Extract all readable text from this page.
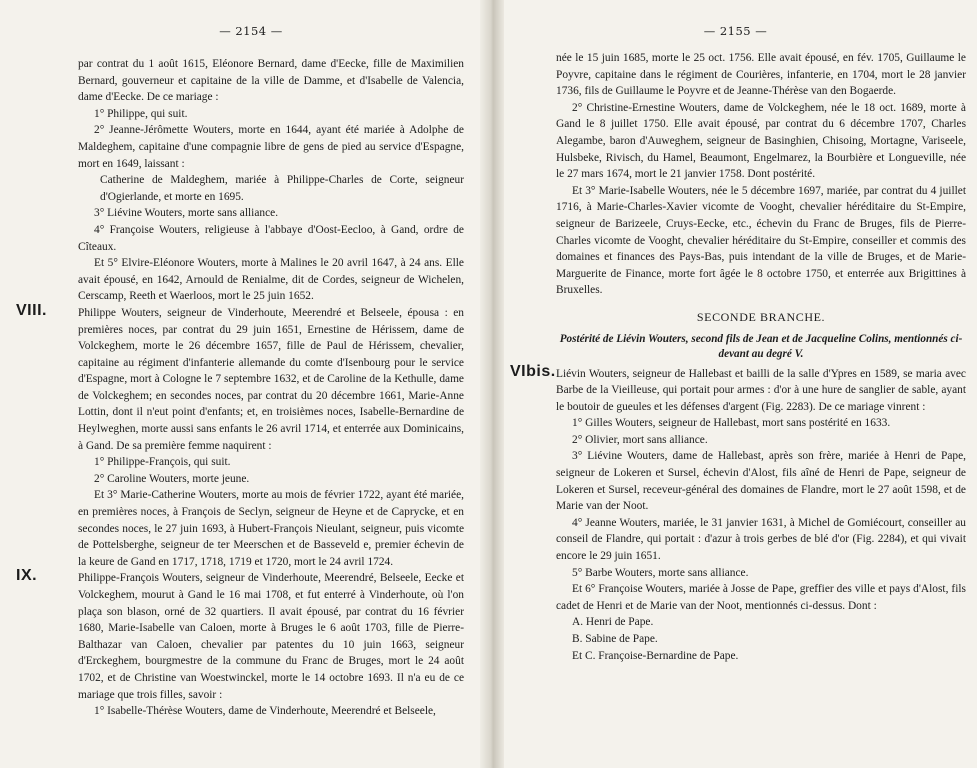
— 2154 —

par contrat du 1 août 1615, Eléonore Bernard, dame d'Eecke, fille de Maximilien Bernard, gouverneur et capitaine de la ville de Damme, et d'Isabelle de Valencia, dame d'Eecke. De ce mariage :

1° Philippe, qui suit.

2° Jeanne-Jérômette Wouters, morte en 1644, ayant été mariée à Adolphe de Maldeghem, capitaine d'une compagnie libre de gens de pied au service d'Espagne, mort en 1649, laissant :

Catherine de Maldeghem, mariée à Philippe-Charles de Corte, seigneur d'Ogierlande, et morte en 1695.

3° Liévine Wouters, morte sans alliance.

4° Françoise Wouters, religieuse à l'abbaye d'Oost-Eecloo, à Gand, ordre de Cîteaux.

Et 5° Elvire-Eléonore Wouters, morte à Malines le 20 avril 1647, à 24 ans. Elle avait épousé, en 1642, Arnould de Renialme, dit de Cordes, seigneur de Wichelen, Cerscamp, Reeth et Waerloos, mort le 25 juin 1652.

VIII.	Philippe Wouters, seigneur de Vinderhoute, Meerendré et Belseele, épousa : en premières noces, par contrat du 29 juin 1651, Ernestine de Hérissem, dame de Volckeghem, morte le 26 décembre 1657, fille de Paul de Hérissem, chevalier, capitaine au régiment d'infanterie allemande du comte d'Isenbourg pour le service d'Espagne, mort à Cologne le 7 septembre 1632, et de Caroline de la Kethulle, dame de Volckeghem; en secondes noces, par contrat du 20 décembre 1661, Marie-Anne Lottin, dont il n'eut point d'enfants; et, en troisièmes noces, Isabelle-Bernardine de Heylweghen, morte aussi sans enfants le 26 avril 1714, et enterrée aux Dominicains, à Gand. De sa première femme naquirent :

1° Philippe-François, qui suit.

2° Caroline Wouters, morte jeune.

Et 3° Marie-Catherine Wouters, morte au mois de février 1722, ayant été mariée, en premières noces, à François de Seclyn, seigneur de Heyne et de Caprycke, et en secondes noces, le 27 juin 1693, à Hubert-François Nieulant, seigneur, puis vicomte de Pottelsberghe, seigneur de ter Meerschen et de Basseveld e, premier échevin de la keure de Gand en 1717, 1718, 1719 et 1720, mort le 24 avril 1724.

IX.	Philippe-François Wouters, seigneur de Vinderhoute, Meerendré, Belseele, Eecke et Volckeghem, mourut à Gand le 16 mai 1708, et fut enterré à Vinderhoute, où l'on plaça son blason, orné de 32 quartiers. Il avait épousé, par contrat du 16 février 1680, Marie-Isabelle van Caloen, morte à Bruges le 6 août 1703, fille de Pierre-Balthazar van Caloen, chevalier par patentes du 10 juin 1663, seigneur d'Erckeghem, bourgmestre de la commune du Franc de Bruges, mort le 24 août 1702, et de Christine van Woestwinckel, morte le 14 octobre 1693. Il n'a eu de ce mariage que trois filles, savoir :

1° Isabelle-Thérèse Wouters, dame de Vinderhoute, Meerendré et Belseele,

— 2155 —

née le 15 juin 1685, morte le 25 oct. 1756. Elle avait épousé, en fév. 1705, Guillaume le Poyvre, capitaine dans le régiment de Courières, infanterie, en 1704, mort le 28 janvier 1736, fils de Guillaume le Poyvre et de Jeanne-Thérèse van den Bogaerde.

2° Christine-Ernestine Wouters, dame de Volckeghem, née le 18 oct. 1689, morte à Gand le 8 juillet 1750. Elle avait épousé, par contrat du 6 décembre 1707, Charles Alegambe, baron d'Auweghem, seigneur de Basinghien, Chisoing, Mortagne, Variseele, Hulsbeke, Rivisch, du Hamel, Beaumont, Engelmarez, la Bourbière et Longueville, née le 27 mars 1674, mort le 21 janvier 1758. Dont postérité.

Et 3° Marie-Isabelle Wouters, née le 5 décembre 1697, mariée, par contrat du 4 juillet 1716, à Marie-Charles-Xavier vicomte de Vooght, chevalier héréditaire du St-Empire, seigneur de Barizeele, Cruys-Eecke, etc., échevin du Franc de Bruges, fils de Pierre-Charles vicomte de Vooght, chevalier héréditaire du St-Empire, conseiller et commis des domaines et finances des Pays-Bas, puis intendant de la ville de Bruges, et de Marie-Marguerite de Finance, morte fort âgée le 8 octobre 1750, et enterrée aux Brigittines à Bruxelles.

SECONDE BRANCHE.

Postérité de Liévin Wouters, second fils de Jean et de Jacqueline Colins, mentionnés ci-devant au degré V.

VIbis. Liévin Wouters, seigneur de Hallebast et bailli de la salle d'Ypres en 1589, se maria avec Barbe de la Vieilleuse, qui portait pour armes : d'or à une hure de sanglier de sable, ayant le boutoir de gueules et les défenses d'argent (Fig. 2283). De ce mariage vinrent :

1° Gilles Wouters, seigneur de Hallebast, mort sans postérité en 1633.

2° Olivier, mort sans alliance.

3° Liévine Wouters, dame de Hallebast, après son frère, mariée à Henri de Pape, seigneur de Lokeren et Sursel, échevin d'Alost, fils aîné de Henri de Pape, seigneur de Lokeren et Sursel, receveur-général des domaines de Flandre, mort le 27 août 1598, et de Marie van der Noot.

4° Jeanne Wouters, mariée, le 31 janvier 1631, à Michel de Gomiécourt, conseiller au conseil de Flandre, qui portait : d'azur à trois gerbes de blé d'or (Fig. 2284), et qui vivait encore le 29 juin 1651.

5° Barbe Wouters, morte sans alliance.

Et 6° Françoise Wouters, mariée à Josse de Pape, greffier des ville et pays d'Alost, fils cadet de Henri et de Marie van der Noot, mentionnés ci-dessus. Dont :

A. Henri de Pape.

B. Sabine de Pape.

Et C. Françoise-Bernardine de Pape.
